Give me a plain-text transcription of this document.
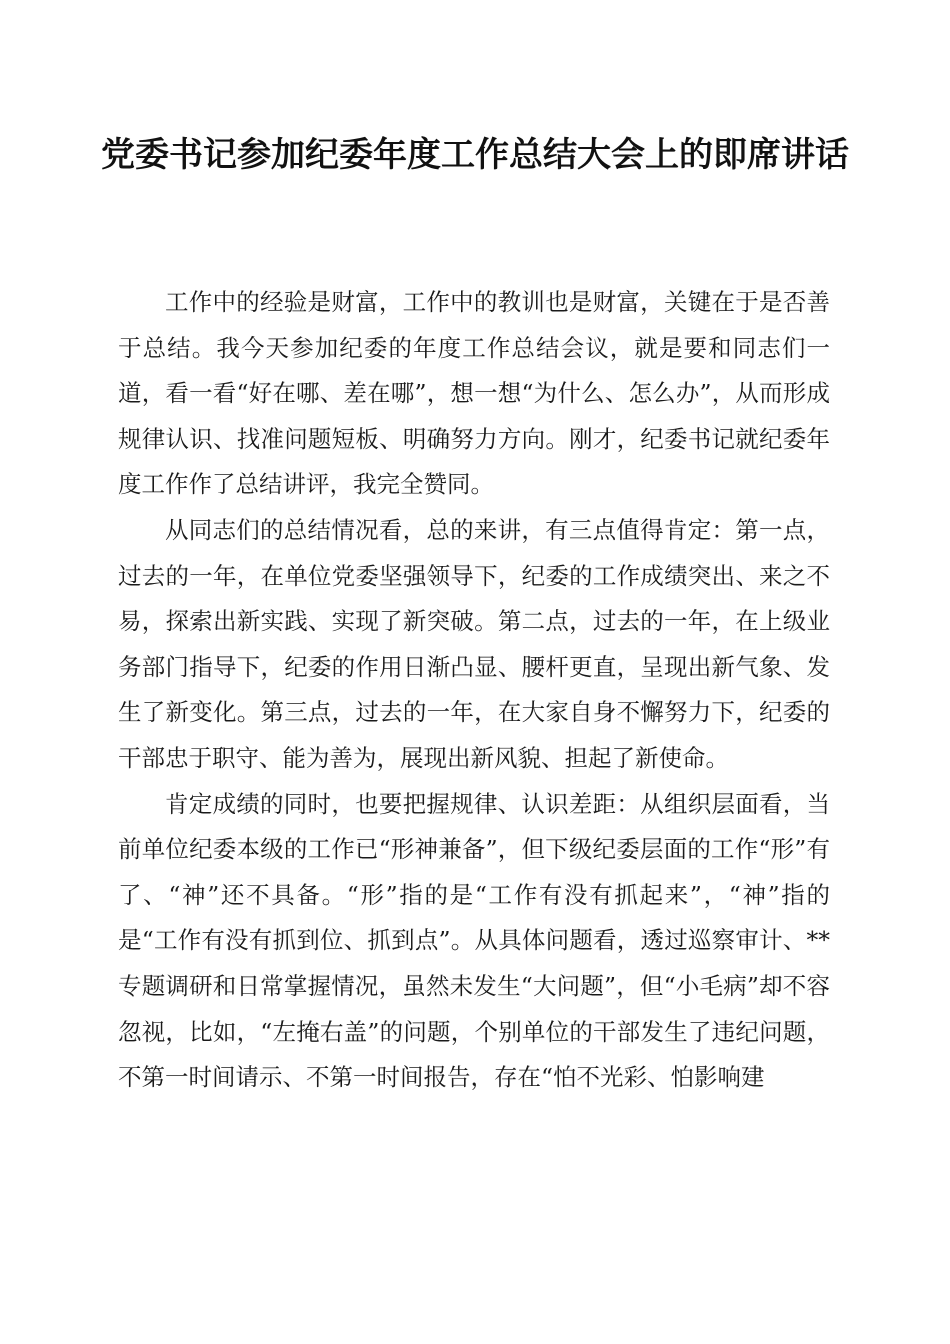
党委书记参加纪委年度工作总结大会上的即席讲话

工作中的经验是财富，工作中的教训也是财富，关键在于是否善于总结。我今天参加纪委的年度工作总结会议，就是要和同志们一道，看一看“好在哪、差在哪”，想一想“为什么、怎么办”，从而形成规律认识、找准问题短板、明确努力方向。刚才，纪委书记就纪委年度工作作了总结讲评，我完全赞同。

从同志们的总结情况看，总的来讲，有三点值得肯定：第一点，过去的一年，在单位党委坚强领导下，纪委的工作成绩突出、来之不易，探索出新实践、实现了新突破。第二点，过去的一年，在上级业务部门指导下，纪委的作用日渐凸显、腰杆更直，呈现出新气象、发生了新变化。第三点，过去的一年，在大家自身不懈努力下，纪委的干部忠于职守、能为善为，展现出新风貌、担起了新使命。

肯定成绩的同时，也要把握规律、认识差距：从组织层面看，当前单位纪委本级的工作已“形神兼备”，但下级纪委层面的工作“形”有了、“神”还不具备。“形”指的是“工作有没有抓起来”，“神”指的是“工作有没有抓到位、抓到点”。从具体问题看，透过巡察审计、**专题调研和日常掌握情况，虽然未发生“大问题”，但“小毛病”却不容忽视，比如，“左掩右盖”的问题，个别单位的干部发生了违纪问题，不第一时间请示、不第一时间报告，存在“怕不光彩、怕影响建
